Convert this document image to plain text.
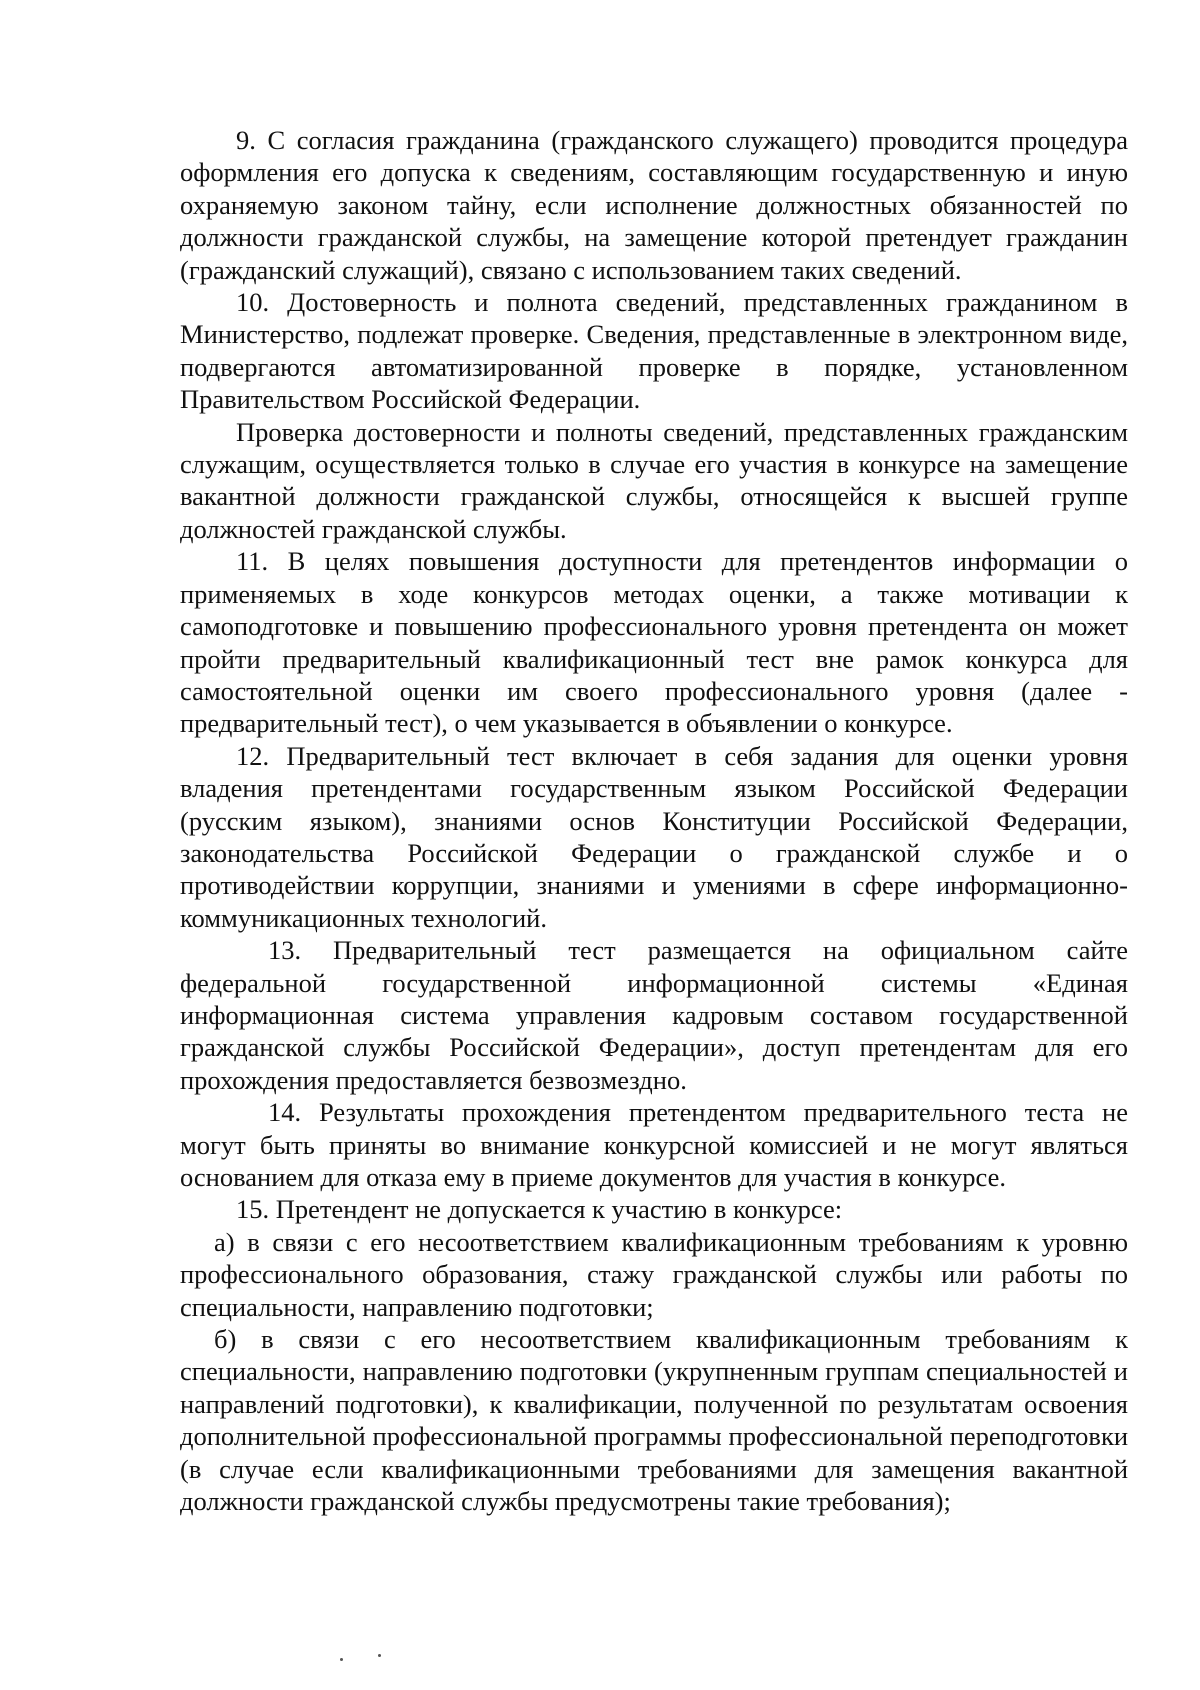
9. С согласия гражданина (гражданского служащего) проводится процедура оформления его допуска к сведениям, составляющим государственную и иную охраняемую законом тайну, если исполнение должностных обязанностей по должности гражданской службы, на замещение которой претендует гражданин (гражданский служащий), связано с использованием таких сведений.

10. Достоверность и полнота сведений, представленных гражданином в Министерство, подлежат проверке. Сведения, представленные в электронном виде, подвергаются автоматизированной проверке в порядке, установленном Правительством Российской Федерации.

Проверка достоверности и полноты сведений, представленных гражданским служащим, осуществляется только в случае его участия в конкурсе на замещение вакантной должности гражданской службы, относящейся к высшей группе должностей гражданской службы.

11. В целях повышения доступности для претендентов информации о применяемых в ходе конкурсов методах оценки, а также мотивации к самоподготовке и повышению профессионального уровня претендента он может пройти предварительный квалификационный тест вне рамок конкурса для самостоятельной оценки им своего профессионального уровня (далее - предварительный тест), о чем указывается в объявлении о конкурсе.

12. Предварительный тест включает в себя задания для оценки уровня владения претендентами государственным языком Российской Федерации (русским языком), знаниями основ Конституции Российской Федерации, законодательства Российской Федерации о гражданской службе и о противодействии коррупции, знаниями и умениями в сфере информационно-коммуникационных технологий.

13. Предварительный тест размещается на официальном сайте федеральной государственной информационной системы «Единая информационная система управления кадровым составом государственной гражданской службы Российской Федерации», доступ претендентам для его прохождения предоставляется безвозмездно.

14. Результаты прохождения претендентом предварительного теста не могут быть приняты во внимание конкурсной комиссией и не могут являться основанием для отказа ему в приеме документов для участия в конкурсе.

15. Претендент не допускается к участию в конкурсе:

а) в связи с его несоответствием квалификационным требованиям к уровню профессионального образования, стажу гражданской службы или работы по специальности, направлению подготовки;

б) в связи с его несоответствием квалификационным требованиям к специальности, направлению подготовки (укрупненным группам специальностей и направлений подготовки), к квалификации, полученной по результатам освоения дополнительной профессиональной программы профессиональной переподготовки (в случае если квалификационными требованиями для замещения вакантной должности гражданской службы предусмотрены такие требования);
